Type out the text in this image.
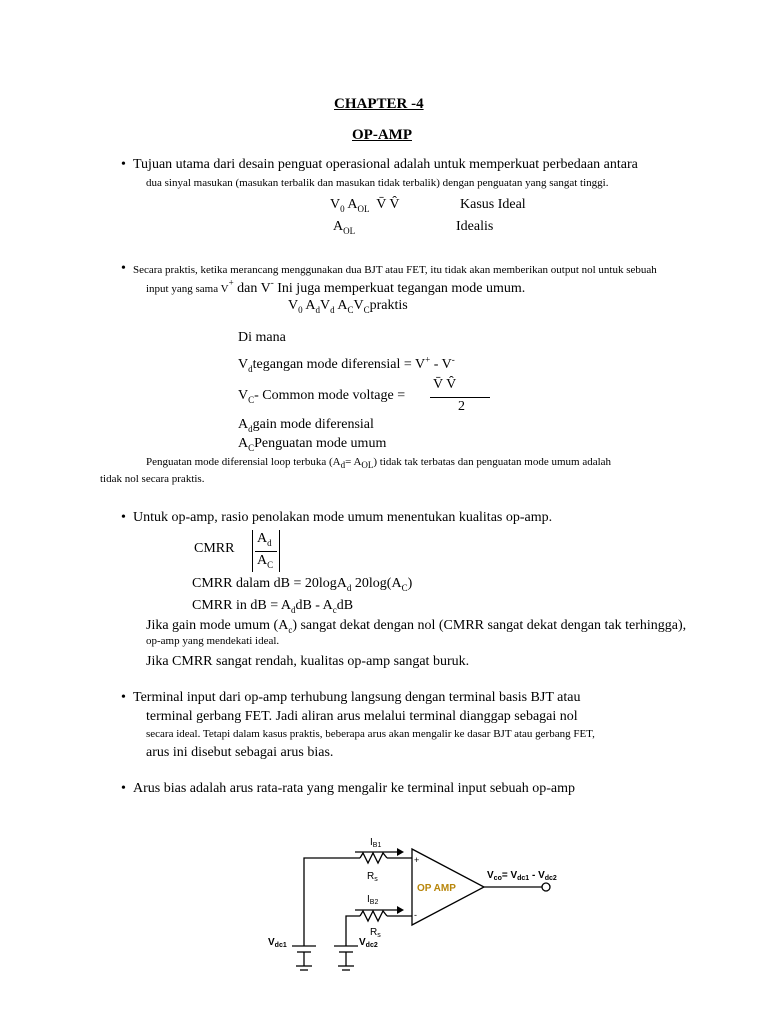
CHAPTER -4
OP-AMP
• Tujuan utama dari desain penguat operasional adalah untuk memperkuat perbedaan antara
dua sinyal masukan (masukan terbalik dan masukan tidak terbalik) dengan penguatan yang sangat tinggi.
$V_0$ $A_{OL}$ V̄ V̂	Kasus Ideal
$A_{OL}$	Idealis
• Secara praktis, ketika merancang menggunakan dua BJT atau FET, itu tidak akan memberikan output nol untuk sebuah
input yang sama V+ dan V- Ini juga memperkuat tegangan mode umum.
$V_0$ $A_dV_d$ $A_CV_Cpraktis$
Di mana
$V_dtegangan$ mode diferensial = V+ - V-
$V_C-$ Common mode voltage =
V̄ V̂
2
$A_dgain$ mode diferensial
$A_CPenguatan$ mode umum
Penguatan mode diferensial loop terbuka $(A_d= A_{OL})$ tidak tak terbatas dan penguatan mode umum adalah
tidak nol secara praktis.
• Untuk op-amp, rasio penolakan mode umum menentukan kualitas op-amp.
CMRR
$A_d$
$A_C$
CMRR dalam dB = 20logA$_d$ $20\log(A_C)$
CMRR in dB = $A_ddB - A_cdB$
Jika gain mode umum $(A_c)$ sangat dekat dengan nol (CMRR sangat dekat dengan tak terhingga),
op-amp yang mendekati ideal.
Jika CMRR sangat rendah, kualitas op-amp sangat buruk.
• Terminal input dari op-amp terhubung langsung dengan terminal basis BJT atau
terminal gerbang FET. Jadi aliran arus melalui terminal dianggap sebagai nol
secara ideal. Tetapi dalam kasus praktis, beberapa arus akan mengalir ke dasar BJT atau gerbang FET,
arus ini disebut sebagai arus bias.
• Arus bias adalah arus rata-rata yang mengalir ke terminal input sebuah op-amp
$I_{B1}$
$R_s$
$I_{B2}$
$R_s$
+
-
OP AMP
$V_{co}= V_{dc1} - V_{dc2}$
$V_{dc1}$	$V_{dc2}$
